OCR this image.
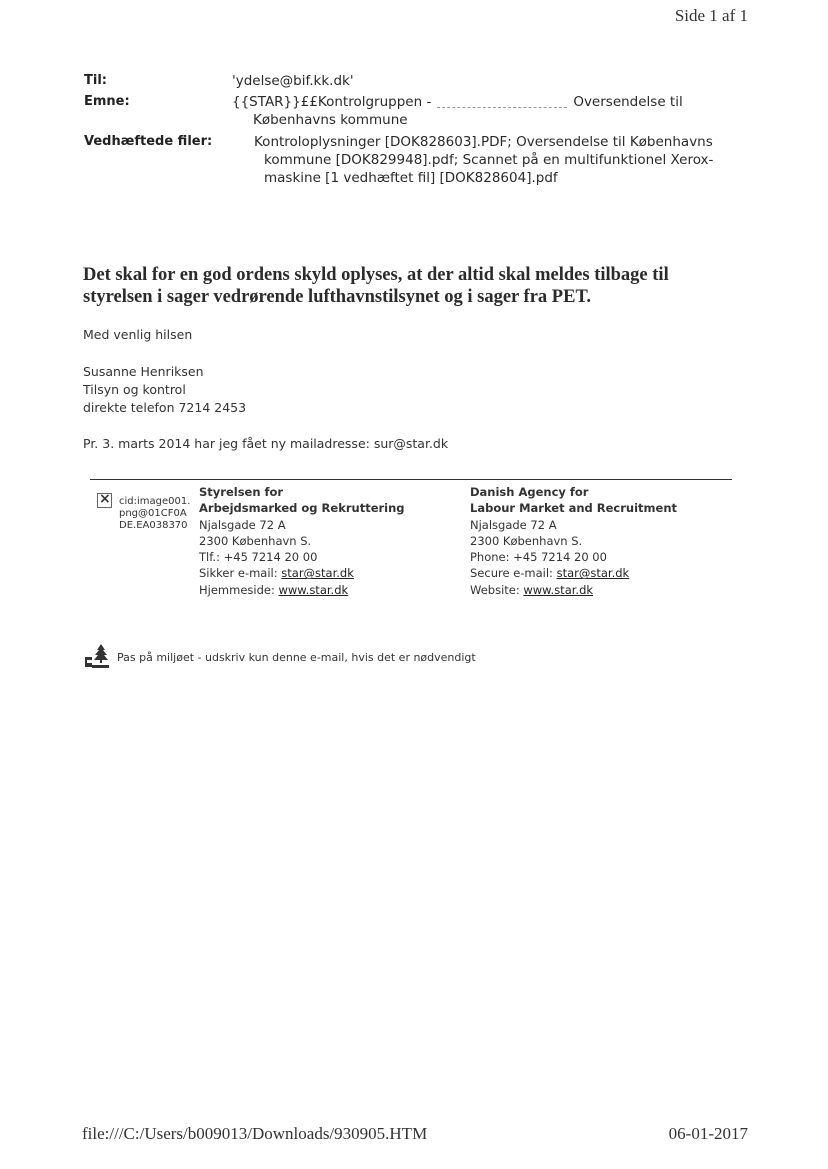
Side 1 af 1
Til:	'ydelse@bif.kk.dk'
Emne:	{{STAR}}££Kontrolgruppen -	Oversendelse til
Københavns kommune
Vedhæftede filer:	Kontroloplysninger [DOK828603].PDF; Oversendelse til Københavns
kommune [DOK829948].pdf; Scannet på en multifunktionel Xerox-
maskine [1 vedhæftet fil] [DOK828604].pdf
Det skal for en god ordens skyld oplyses, at der altid skal meldes tilbage til
styrelsen i sager vedrørende lufthavnstilsynet og i sager fra PET.
Med venlig hilsen
Susanne Henriksen
Tilsyn og kontrol
direkte telefon 7214 2453
Pr. 3. marts 2014 har jeg fået ny mailadresse: sur@star.dk
×
cid:image001.png@01CF0ADE.EA038370
Styrelsen for
Arbejdsmarked og Rekruttering
Njalsgade 72 A
2300 København S.
Tlf.: +45 7214 20 00
Sikker e-mail: star@star.dk
Hjemmeside: www.star.dk
Danish Agency for
Labour Market and Recruitment
Njalsgade 72 A
2300 København S.
Phone: +45 7214 20 00
Secure e-mail: star@star.dk
Website: www.star.dk
Pas på miljøet - udskriv kun denne e-mail, hvis det er nødvendigt
file:///C:/Users/b009013/Downloads/930905.HTM	06-01-2017
